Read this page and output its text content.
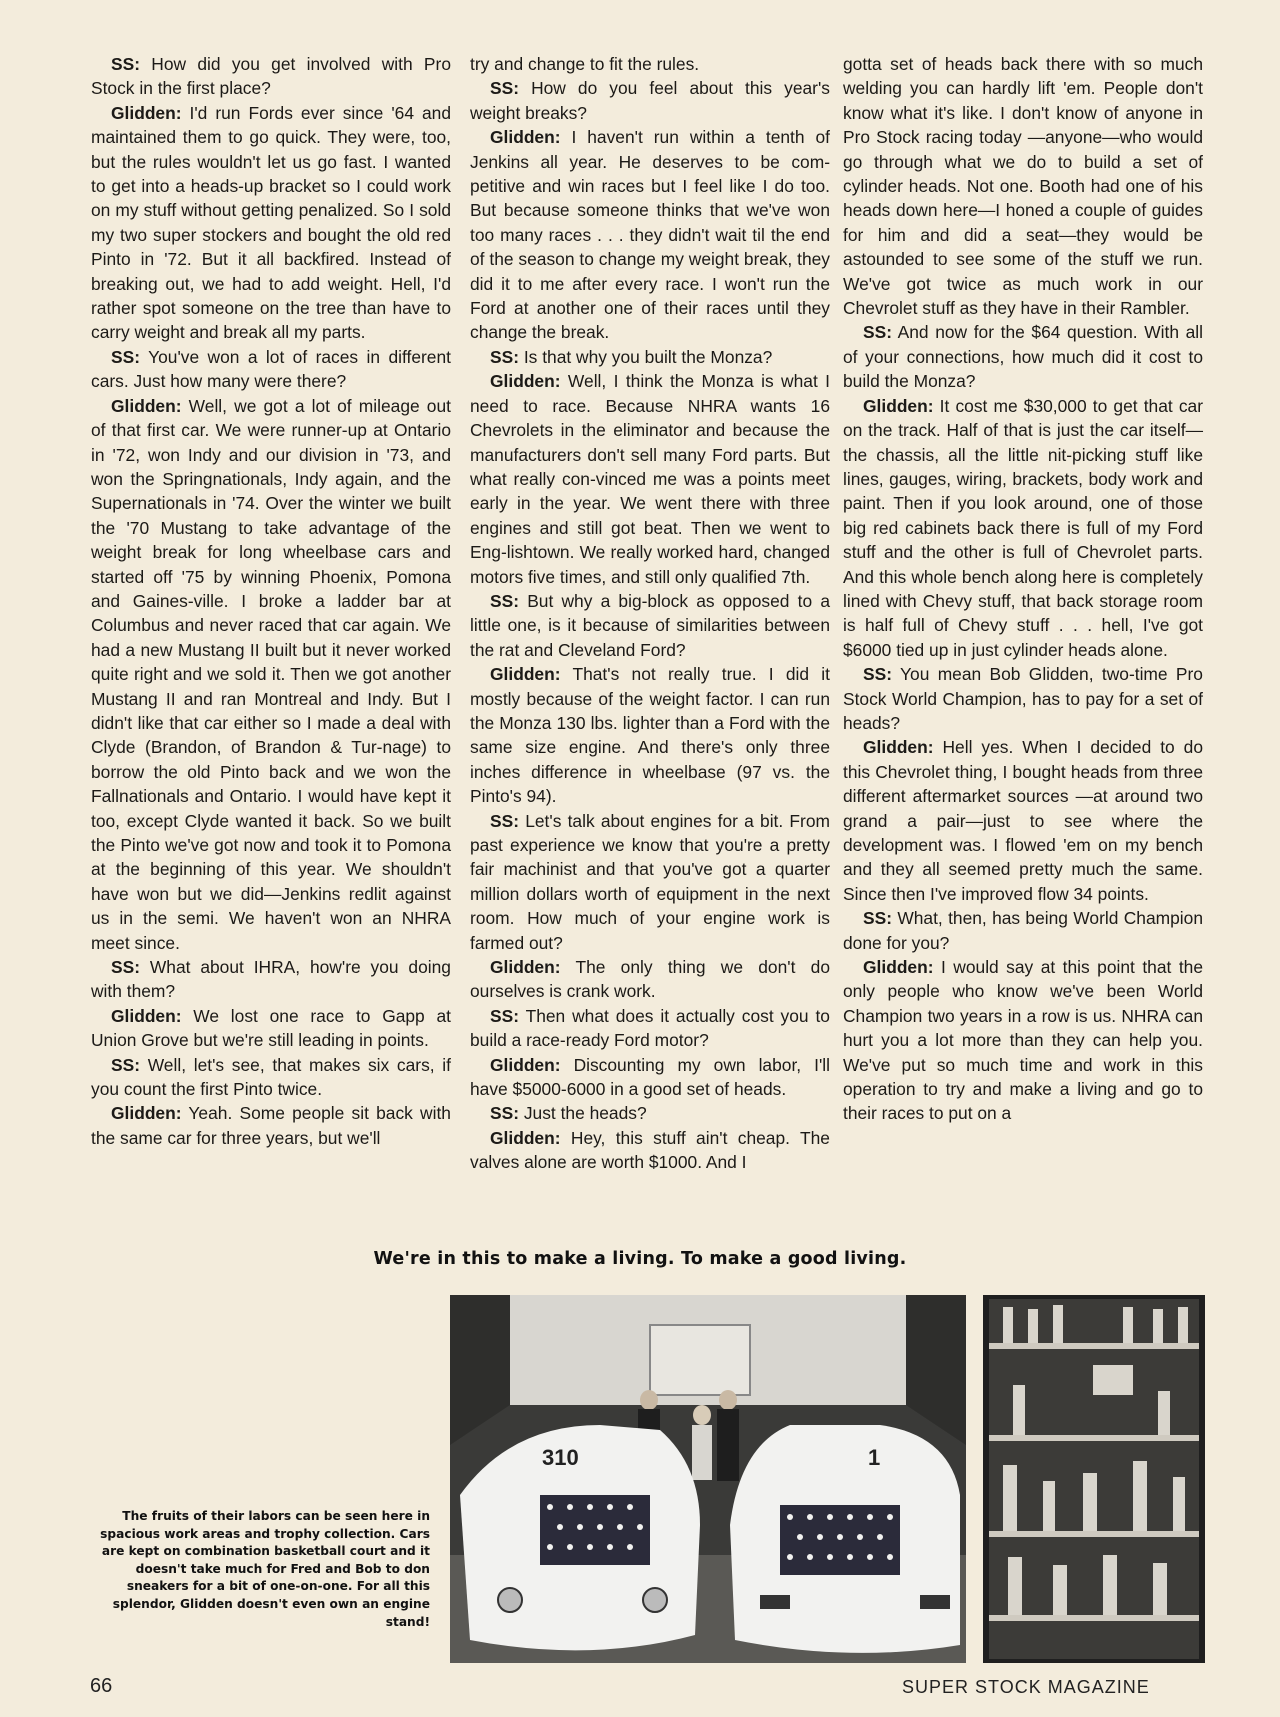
SS: How did you get involved with Pro Stock in the first place?

Glidden: I'd run Fords ever since '64 and maintained them to go quick. They were, too, but the rules wouldn't let us go fast. I wanted to get into a heads-up bracket so I could work on my stuff without getting penalized. So I sold my two super stockers and bought the old red Pinto in '72. But it all backfired. Instead of breaking out, we had to add weight. Hell, I'd rather spot someone on the tree than have to carry weight and break all my parts.

SS: You've won a lot of races in different cars. Just how many were there?

Glidden: Well, we got a lot of mileage out of that first car. We were runner-up at Ontario in '72, won Indy and our division in '73, and won the Springnationals, Indy again, and the Supernationals in '74. Over the winter we built the '70 Mustang to take advantage of the weight break for long wheelbase cars and started off '75 by winning Phoenix, Pomona and Gaines-ville. I broke a ladder bar at Columbus and never raced that car again. We had a new Mustang II built but it never worked quite right and we sold it. Then we got another Mustang II and ran Montreal and Indy. But I didn't like that car either so I made a deal with Clyde (Brandon, of Brandon & Tur-nage) to borrow the old Pinto back and we won the Fallnationals and Ontario. I would have kept it too, except Clyde wanted it back. So we built the Pinto we've got now and took it to Pomona at the beginning of this year. We shouldn't have won but we did—Jenkins redlit against us in the semi. We haven't won an NHRA meet since.

SS: What about IHRA, how're you doing with them?

Glidden: We lost one race to Gapp at Union Grove but we're still leading in points.

SS: Well, let's see, that makes six cars, if you count the first Pinto twice.

Glidden: Yeah. Some people sit back with the same car for three years, but we'll

try and change to fit the rules.

SS: How do you feel about this year's weight breaks?

Glidden: I haven't run within a tenth of Jenkins all year. He deserves to be com-petitive and win races but I feel like I do too. But because someone thinks that we've won too many races . . . they didn't wait til the end of the season to change my weight break, they did it to me after every race. I won't run the Ford at another one of their races until they change the break.

SS: Is that why you built the Monza?

Glidden: Well, I think the Monza is what I need to race. Because NHRA wants 16 Chevrolets in the eliminator and because the manufacturers don't sell many Ford parts. But what really con-vinced me was a points meet early in the year. We went there with three engines and still got beat. Then we went to Eng-lishtown. We really worked hard, changed motors five times, and still only qualified 7th.

SS: But why a big-block as opposed to a little one, is it because of similarities between the rat and Cleveland Ford?

Glidden: That's not really true. I did it mostly because of the weight factor. I can run the Monza 130 lbs. lighter than a Ford with the same size engine. And there's only three inches difference in wheelbase (97 vs. the Pinto's 94).

SS: Let's talk about engines for a bit. From past experience we know that you're a pretty fair machinist and that you've got a quarter million dollars worth of equipment in the next room. How much of your engine work is farmed out?

Glidden: The only thing we don't do ourselves is crank work.

SS: Then what does it actually cost you to build a race-ready Ford motor?

Glidden: Discounting my own labor, I'll have $5000-6000 in a good set of heads.

SS: Just the heads?

Glidden: Hey, this stuff ain't cheap. The valves alone are worth $1000. And I

gotta set of heads back there with so much welding you can hardly lift 'em. People don't know what it's like. I don't know of anyone in Pro Stock racing today —anyone—who would go through what we do to build a set of cylinder heads. Not one. Booth had one of his heads down here—I honed a couple of guides for him and did a seat—they would be astounded to see some of the stuff we run. We've got twice as much work in our Chevrolet stuff as they have in their Rambler.

SS: And now for the $64 question. With all of your connections, how much did it cost to build the Monza?

Glidden: It cost me $30,000 to get that car on the track. Half of that is just the car itself—the chassis, all the little nit-picking stuff like lines, gauges, wiring, brackets, body work and paint. Then if you look around, one of those big red cabinets back there is full of my Ford stuff and the other is full of Chevrolet parts. And this whole bench along here is completely lined with Chevy stuff, that back storage room is half full of Chevy stuff . . . hell, I've got $6000 tied up in just cylinder heads alone.

SS: You mean Bob Glidden, two-time Pro Stock World Champion, has to pay for a set of heads?

Glidden: Hell yes. When I decided to do this Chevrolet thing, I bought heads from three different aftermarket sources —at around two grand a pair—just to see where the development was. I flowed 'em on my bench and they all seemed pretty much the same. Since then I've improved flow 34 points.

SS: What, then, has being World Champion done for you?

Glidden: I would say at this point that the only people who know we've been World Champion two years in a row is us. NHRA can hurt you a lot more than they can help you. We've put so much time and work in this operation to try and make a living and go to their races to put on a

We're in this to make a living. To make a good living.
The fruits of their labors can be seen here in spacious work areas and trophy collection. Cars are kept on combination basketball court and it doesn't take much for Fred and Bob to don sneakers for a bit of one-on-one. For all this splendor, Glidden doesn't even own an engine stand!
310	1
66	SUPER STOCK MAGAZINE
